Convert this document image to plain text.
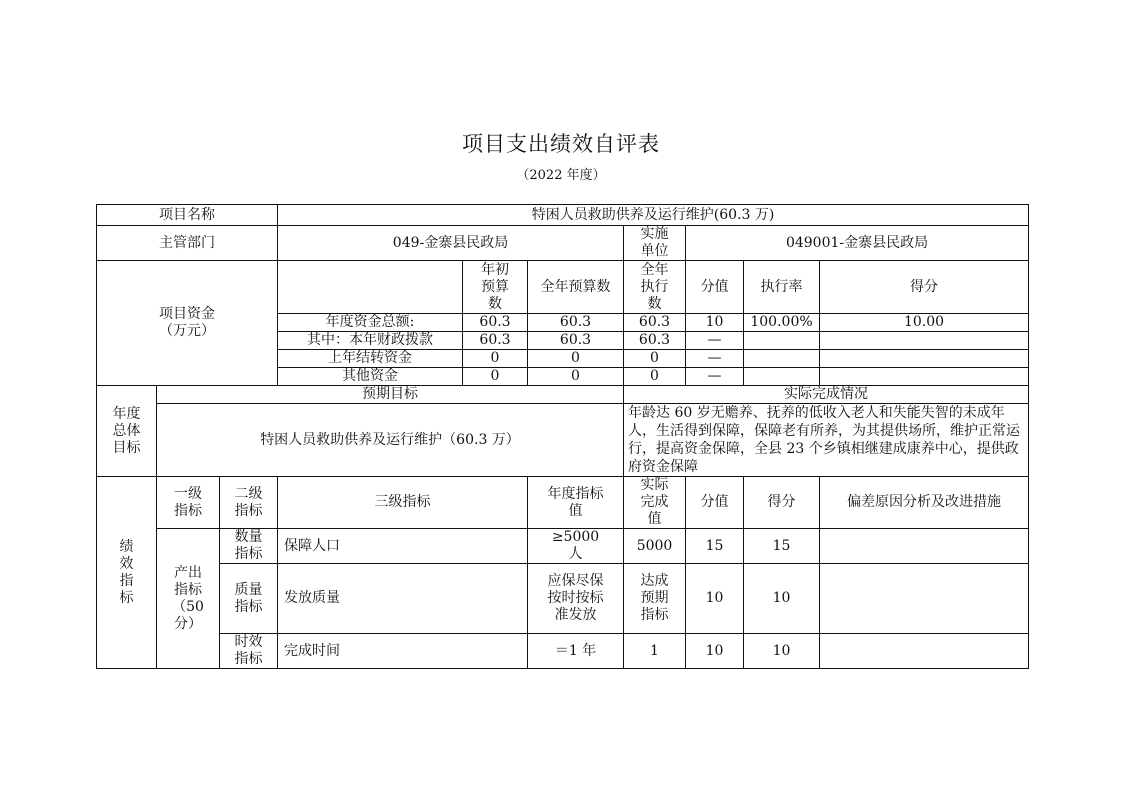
项目支出绩效自评表
（2022 年度）
项目名称			特困人员救助供养及运行维护(60.3 万)						
主管部门			049-金寨县民政局			实施单位	049001-金寨县民政局		
项目资金（万元）				年初预算数	全年预算数	全年执行数	分值	执行率	得分
			年度资金总额:	60.3	60.3	60.3	10	100.00%	10.00
			其中：本年财政拨款	60.3	60.3	60.3	—		
			上年结转资金	0	0	0	—		
			其他资金	0	0	0	—		
年度总体目标	预期目标					实际完成情况			
	特困人员救助供养及运行维护（60.3 万）					年龄达 60 岁无赡养、抚养的低收入老人和失能失智的未成年人，生活得到保障，保障老有所养，为其提供场所，维护正常运行，提高资金保障，全县 23 个乡镇相继建成康养中心，提供政府资金保障			
绩效指标	一级指标	二级指标	三级指标		年度指标值	实际完成值	分值	得分	偏差原因分析及改进措施
	产出指标（50分）	数量指标	保障人口		≥5000人	5000	15	15	
		质量指标	发放质量		应保尽保 按时按标准发放	达成预期指标	10	10	
		时效指标	完成时间		＝1 年	1	10	10	
